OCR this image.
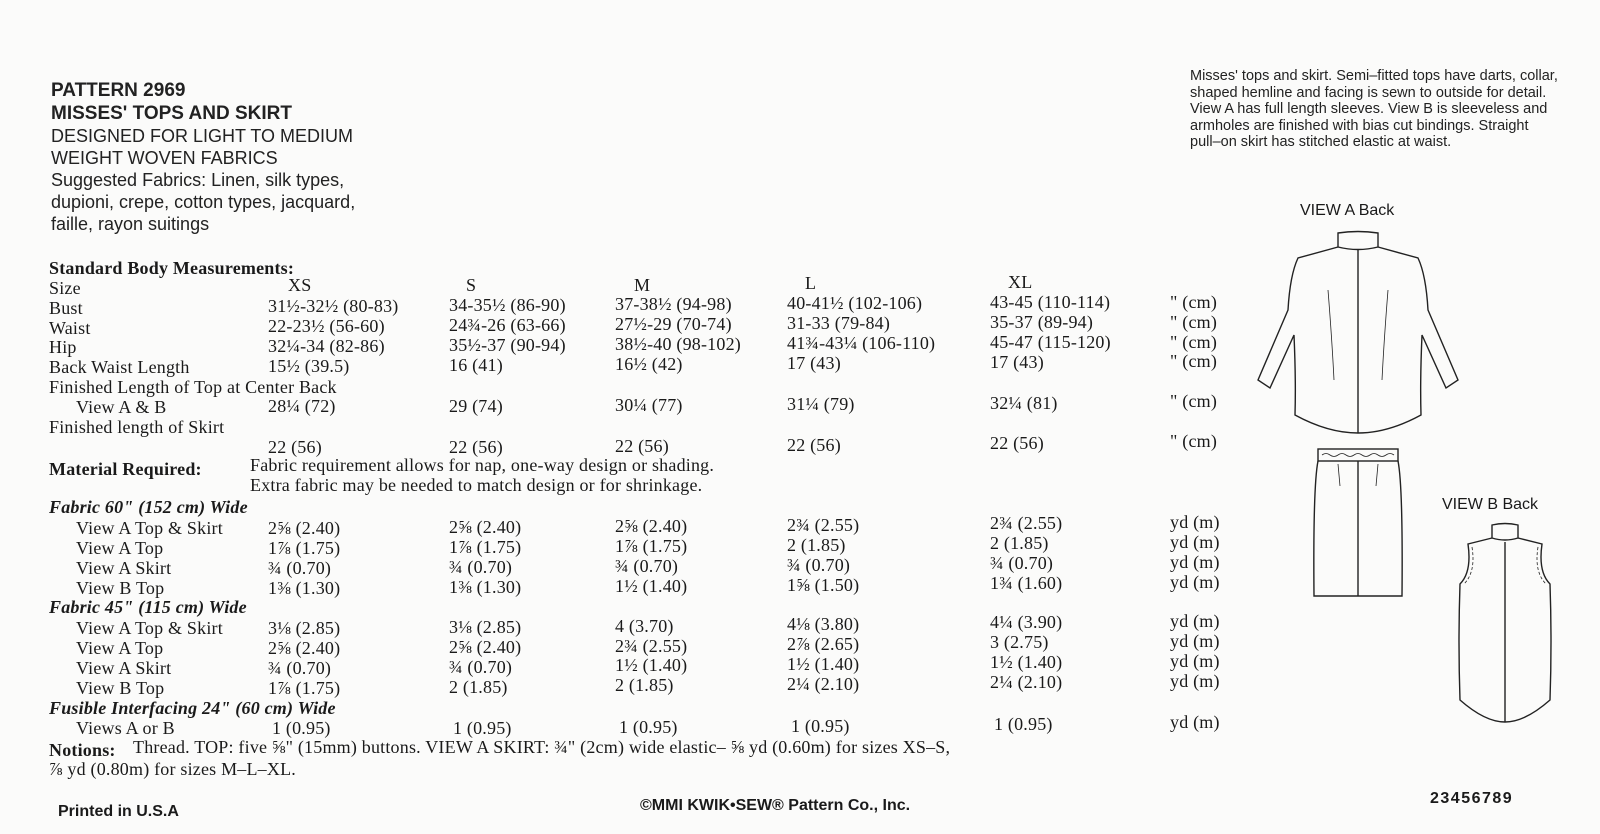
PATTERN 2969
MISSES' TOPS AND SKIRT
DESIGNED FOR LIGHT TO MEDIUM
WEIGHT WOVEN FABRICS
Suggested Fabrics: Linen, silk types,
dupioni, crepe, cotton types, jacquard,
faille, rayon suitings
Misses' tops and skirt. Semi–fitted tops have darts, collar, shaped hemline and facing is sewn to outside for detail. View A has full length sleeves. View B is sleeveless and armholes are finished with bias cut bindings. Straight pull–on skirt has stitched elastic at waist.
Standard Body Measurements:
Size	XS	S	M	L	XL
Bust	31½-32½ (80-83)	34-35½ (86-90)	37-38½ (94-98)	40-41½ (102-106)	43-45 (110-114)	" (cm)
Waist	22-23½ (56-60)	24¾-26 (63-66)	27½-29 (70-74)	31-33 (79-84)	35-37 (89-94)	" (cm)
Hip	32¼-34 (82-86)	35½-37 (90-94)	38½-40 (98-102)	41¾-43¼ (106-110)	45-47 (115-120)	" (cm)
Back Waist Length	15½ (39.5)	16 (41)	16½ (42)	17 (43)	17 (43)	" (cm)
Finished Length of Top at Center Back
View A & B	28¼ (72)	29 (74)	30¼ (77)	31¼ (79)	32¼ (81)	" (cm)
Finished length of Skirt
22 (56)	22 (56)	22 (56)	22 (56)	22 (56)	" (cm)
Material Required:	Fabric requirement allows for nap, one-way design or shading.
Extra fabric may be needed to match design or for shrinkage.
Fabric 60" (152 cm) Wide
View A Top & Skirt	2⅝ (2.40)	2⅝ (2.40)	2⅝ (2.40)	2¾ (2.55)	2¾ (2.55)	yd (m)
View A Top	1⅞ (1.75)	1⅞ (1.75)	1⅞ (1.75)	2 (1.85)	2 (1.85)	yd (m)
View A Skirt	¾ (0.70)	¾ (0.70)	¾ (0.70)	¾ (0.70)	¾ (0.70)	yd (m)
View B Top	1⅜ (1.30)	1⅜ (1.30)	1½ (1.40)	1⅝ (1.50)	1¾ (1.60)	yd (m)
Fabric 45" (115 cm) Wide
View A Top & Skirt	3⅛ (2.85)	3⅛ (2.85)	4 (3.70)	4⅛ (3.80)	4¼ (3.90)	yd (m)
View A Top	2⅝ (2.40)	2⅝ (2.40)	2¾ (2.55)	2⅞ (2.65)	3 (2.75)	yd (m)
View A Skirt	¾ (0.70)	¾ (0.70)	1½ (1.40)	1½ (1.40)	1½ (1.40)	yd (m)
View B Top	1⅞ (1.75)	2 (1.85)	2 (1.85)	2¼ (2.10)	2¼ (2.10)	yd (m)
Fusible Interfacing 24" (60 cm) Wide
Views A or B	1 (0.95)	1 (0.95)	1 (0.95)	1 (0.95)	1 (0.95)	yd (m)
Notions: Thread. TOP: five ⅝" (15mm) buttons. VIEW A SKIRT: ¾" (2cm) wide elastic– ⅝ yd (0.60m) for sizes XS–S,
⅞ yd (0.80m) for sizes M–L–XL.
VIEW A Back
VIEW B Back
Printed in U.S.A	©MMI KWIK•SEW® Pattern Co., Inc.	23456789
